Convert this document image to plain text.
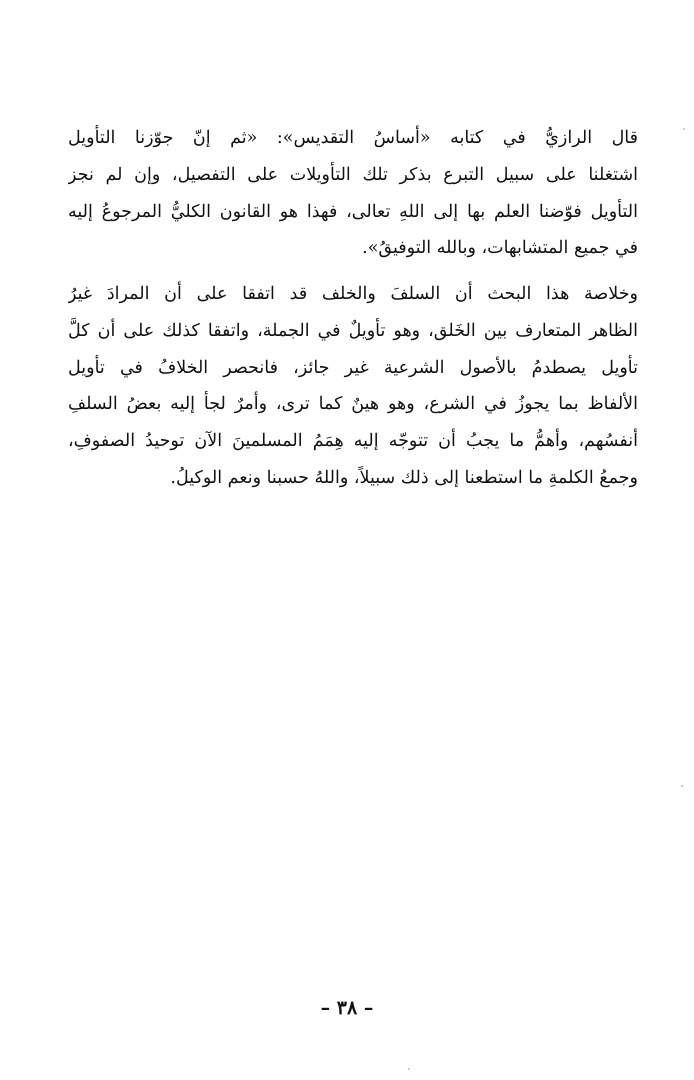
قال الرازيُّ في كتابه «أساسُ التقديس»: «ثم إنّ جوّزنا التأويل
اشتغلنا على سبيل التبرع بذكر تلك التأويلات على التفصيل، وإن لم نجز
التأويل فوّضنا العلم بها إلى اللهِ تعالى، فهذا هو القانون الكليُّ المرجوعُ إليه
في جميع المتشابهات، وبالله التوفيقُ».
وخلاصة هذا البحث أن السلفَ والخلف قد اتفقا على أن المرادَ غيرُ
الظاهر المتعارف بين الخَلق، وهو تأويلٌ في الجملة، واتفقا كذلك على أن كلَّ
تأويل يصطدمُ بالأصول الشرعية غير جائز، فانحصر الخلافُ في تأويل
الألفاظ بما يجوزُ في الشرع، وهو هينٌ كما ترى، وأمرٌ لجأ إليه بعضُ السلفِ
أنفسُهم، وأهمُّ ما يجبُ أن تتوجّه إليه هِمَمُ المسلمينَ الآن توحيدُ الصفوفِ،
وجمعُ الكلمةِ ما استطعنا إلى ذلك سبيلاً، واللهُ حسبنا ونعم الوكيلُ.
– ٣٨ –
